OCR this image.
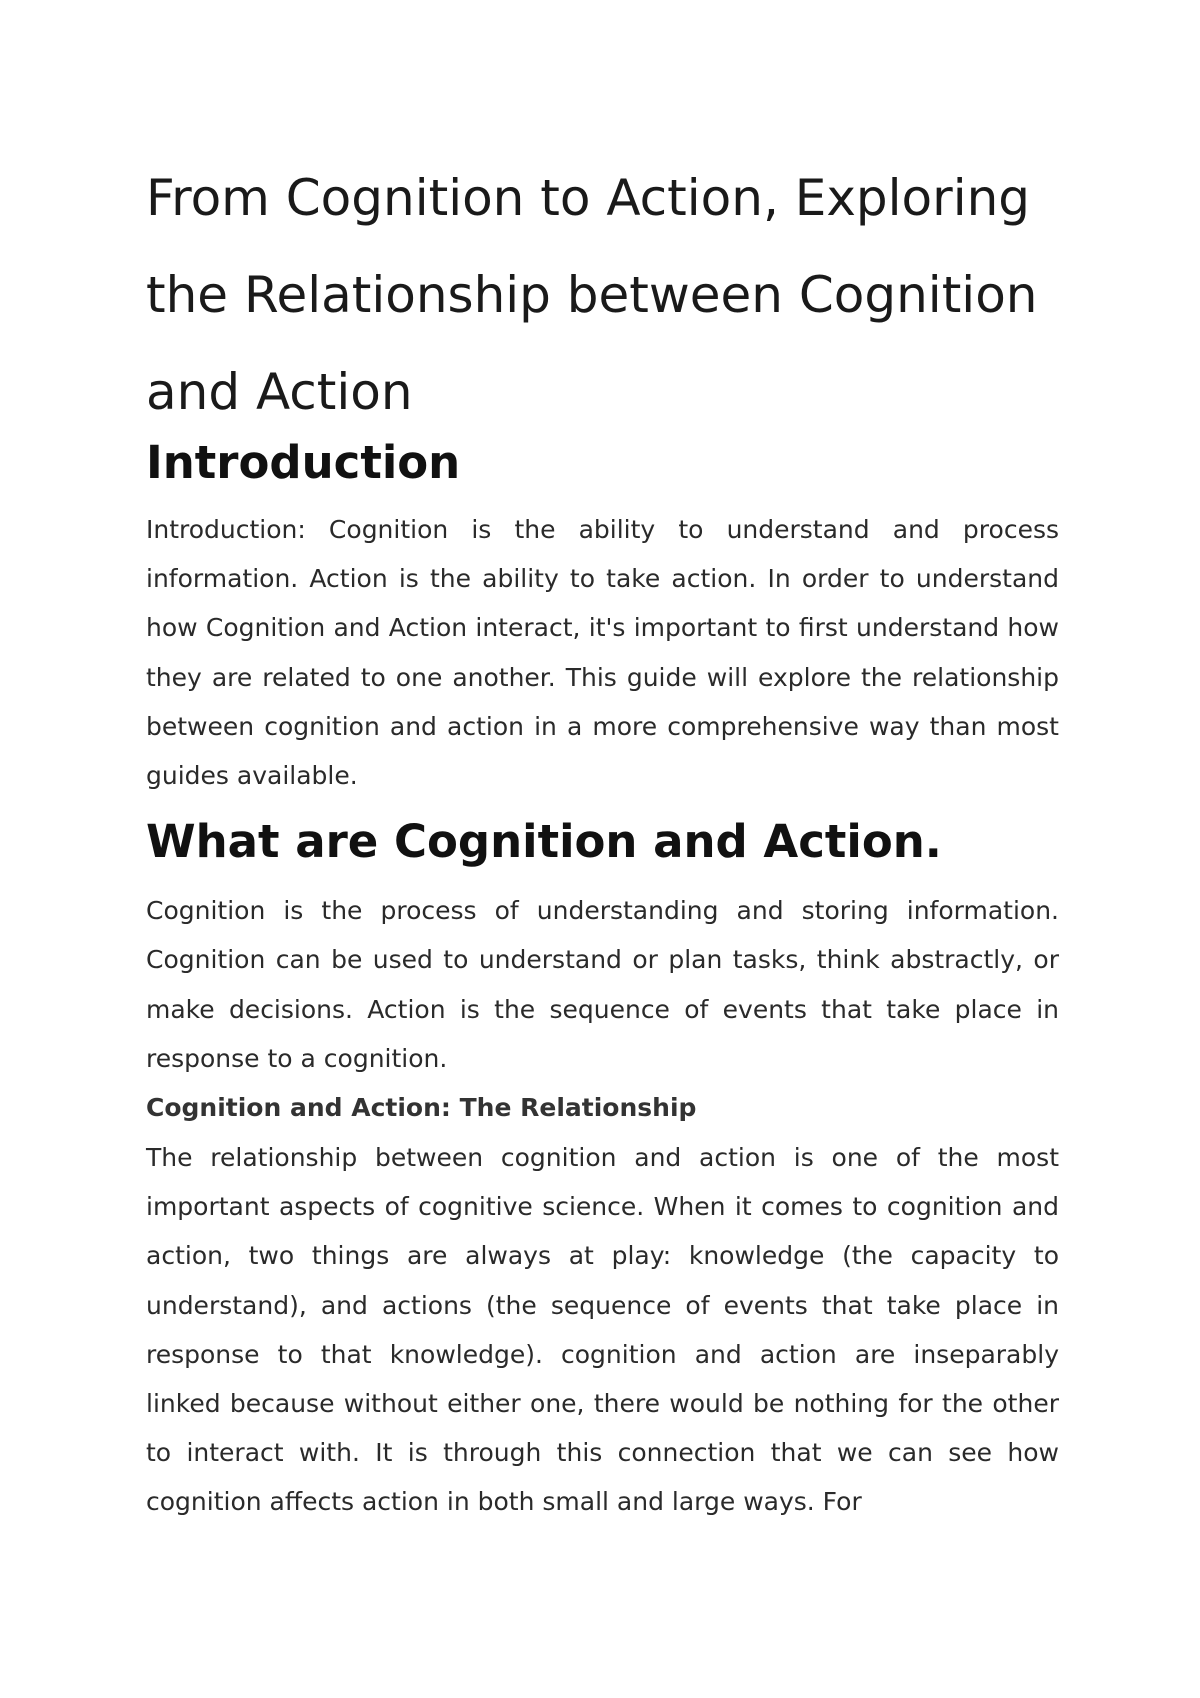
From Cognition to Action, Exploring the Relationship between Cognition and Action
Introduction

Introduction: Cognition is the ability to understand and process information. Action is the ability to take action. In order to understand how Cognition and Action interact, it's important to first understand how they are related to one another. This guide will explore the relationship between cognition and action in a more comprehensive way than most guides available.

What are Cognition and Action.

Cognition is the process of understanding and storing information. Cognition can be used to understand or plan tasks, think abstractly, or make decisions. Action is the sequence of events that take place in response to a cognition.

Cognition and Action: The Relationship

The relationship between cognition and action is one of the most important aspects of cognitive science. When it comes to cognition and action, two things are always at play: knowledge (the capacity to understand), and actions (the sequence of events that take place in response to that knowledge). cognition and action are inseparably linked because without either one, there would be nothing for the other to interact with. It is through this connection that we can see how cognition affects action in both small and large ways. For
